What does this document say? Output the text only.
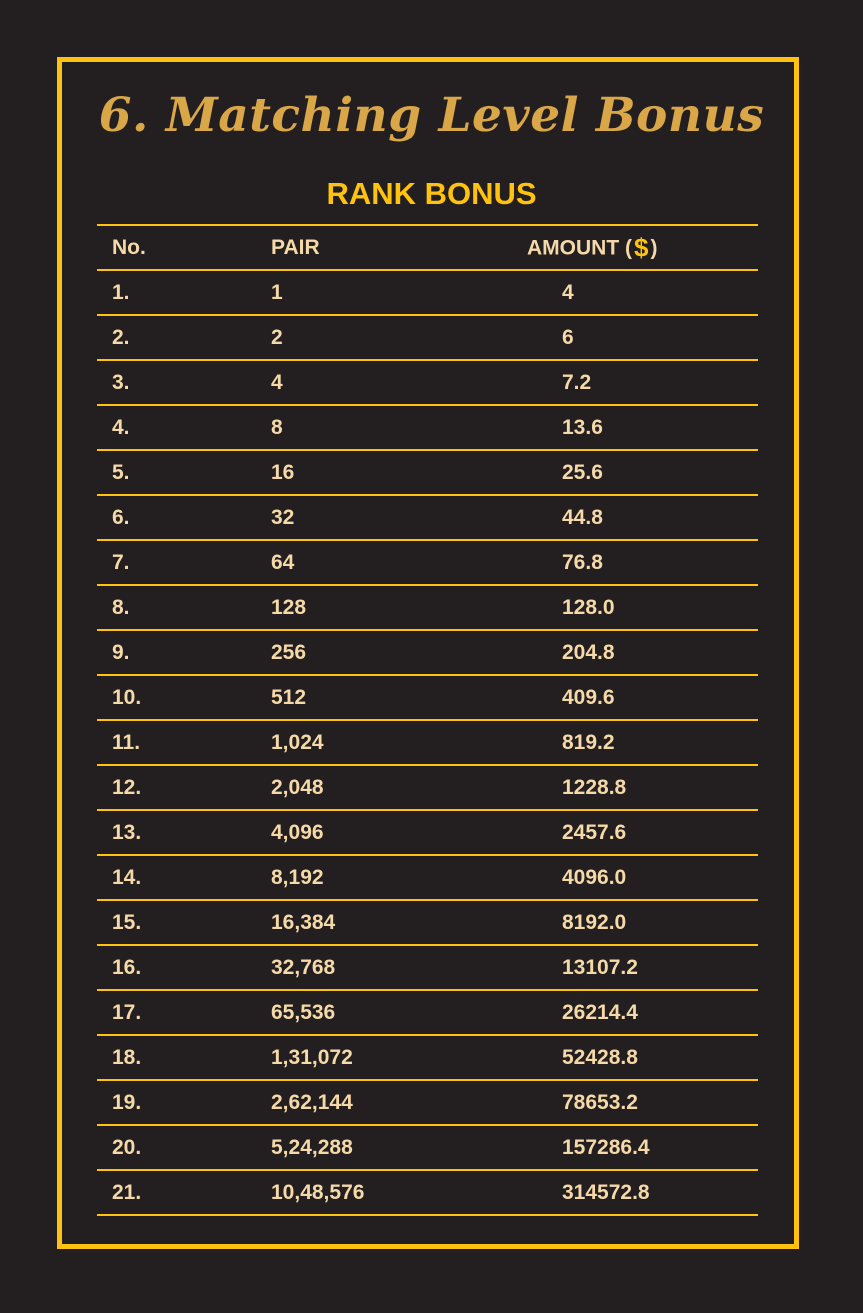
6. Matching Level Bonus
RANK BONUS
No.	PAIR	AMOUNT ($)
1.	1	4
2.	2	6
3.	4	7.2
4.	8	13.6
5.	16	25.6
6.	32	44.8
7.	64	76.8
8.	128	128.0
9.	256	204.8
10.	512	409.6
11.	1,024	819.2
12.	2,048	1228.8
13.	4,096	2457.6
14.	8,192	4096.0
15.	16,384	8192.0
16.	32,768	13107.2
17.	65,536	26214.4
18.	1,31,072	52428.8
19.	2,62,144	78653.2
20.	5,24,288	157286.4
21.	10,48,576	314572.8
